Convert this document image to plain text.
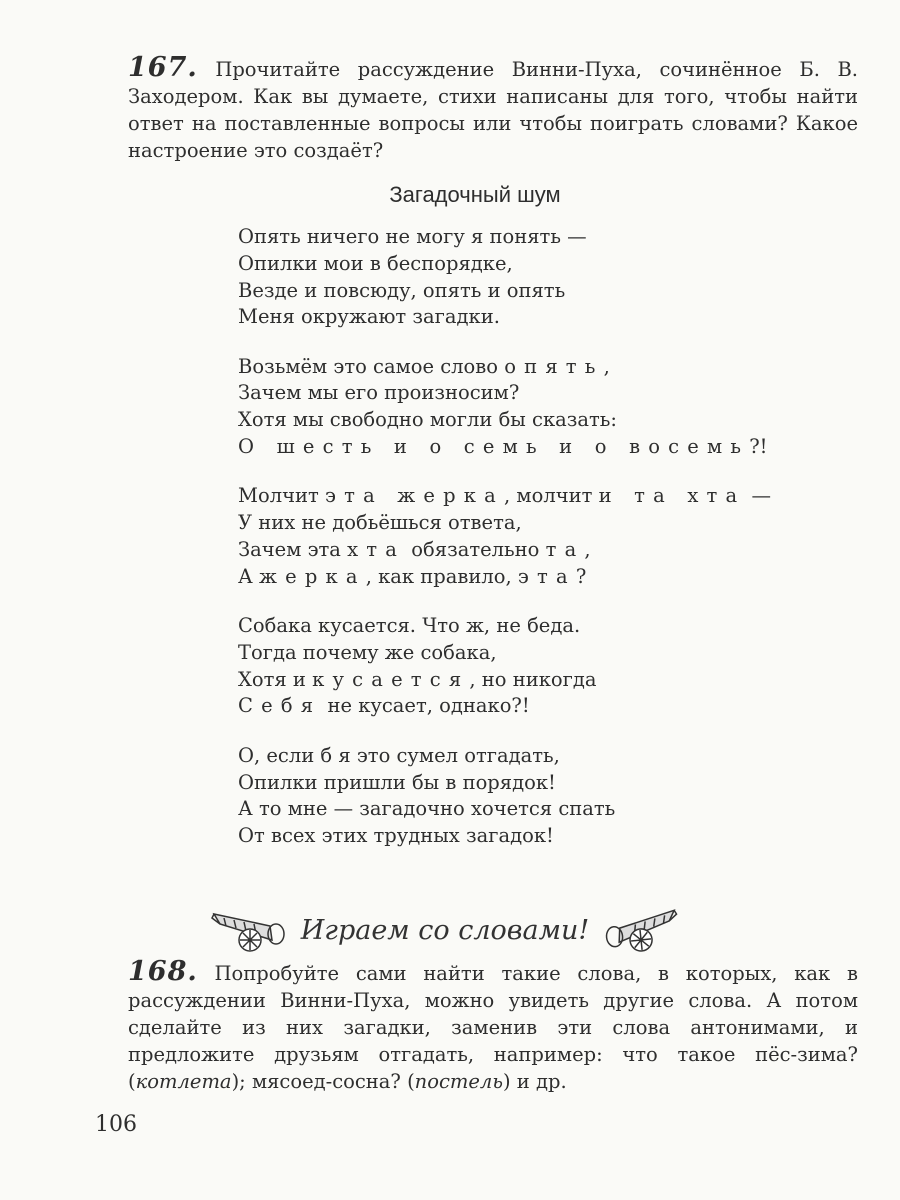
167. Прочитайте рассуждение Винни-Пуха, сочинённое Б. В. Заходером. Как вы думаете, стихи написаны для того, чтобы найти ответ на поставленные вопросы или чтобы поиграть словами? Какое настроение это создаёт?
Загадочный шум
Опять ничего не могу я понять —
Опилки мои в беспорядке,
Везде и повсюду, опять и опять
Меня окружают загадки.
Возьмём это самое слово опять,
Зачем мы его произносим?
Хотя мы свободно могли бы сказать:
О шесть и о семь и о восемь?!
Молчит эта жерка, молчит и та хта —
У них не добьёшься ответа,
Зачем эта хта обязательно та,
А жерка, как правило, эта?
Собака кусается. Что ж, не беда.
Тогда почему же собака,
Хотя и кусается, но никогда
Себя не кусает, однако?!
О, если б я это сумел отгадать,
Опилки пришли бы в порядок!
А то мне — загадочно хочется спать
От всех этих трудных загадок!
Играем со словами!
168. Попробуйте сами найти такие слова, в которых, как в рассуждении Винни-Пуха, можно увидеть другие слова. А потом сделайте из них загадки, заменив эти слова антонимами, и предложите друзьям отгадать, например: что такое пёс-зима? (котлета); мясоед-сосна? (постель) и др.
106
